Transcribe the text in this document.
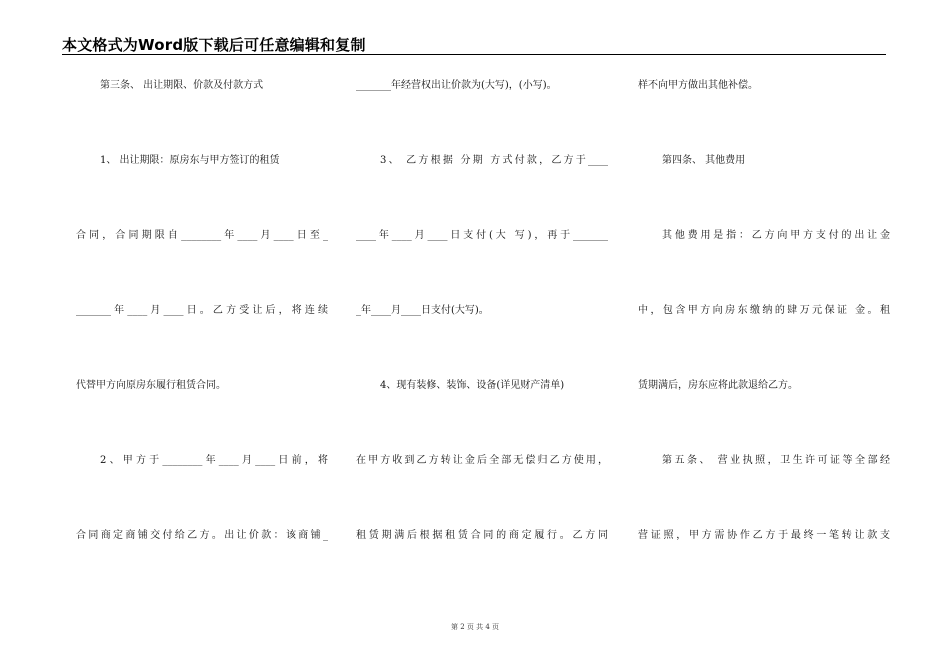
本文格式为Word版下载后可任意编辑和复制
第三条、 出让期限、价款及付款方式
1、 出让期限：原房东与甲方签订的租赁
合同，合同期限自________年____月____日至_
_______年____月____日。乙方受让后，将连续
代替甲方向原房东履行租赁合同。
2、甲方于________年____月____日前，将
合同商定商铺交付给乙方。出让价款：该商铺_
_______年经营权出让价款为(大写)，(小写)。
3、 乙方根据 分期 方式付款，乙方于____
____年____月____日支付(大 写)，再于_______
_年____月____日支付(大写)。
4、现有装修、装饰、设备(详见财产清单)
在甲方收到乙方转让金后全部无偿归乙方使用，
租赁期满后根据租赁合同的商定履行。乙方同
样不向甲方做出其他补偿。
第四条、 其他费用
其他费用是指：乙方向甲方支付的出让金
中，包含甲方向房东缴纳的肆万元保证 金。租
赁期满后，房东应将此款退给乙方。
第五条、 营业执照，卫生许可证等全部经
营证照，甲方需协作乙方于最终一笔转让款支
第 2 页 共 4 页
